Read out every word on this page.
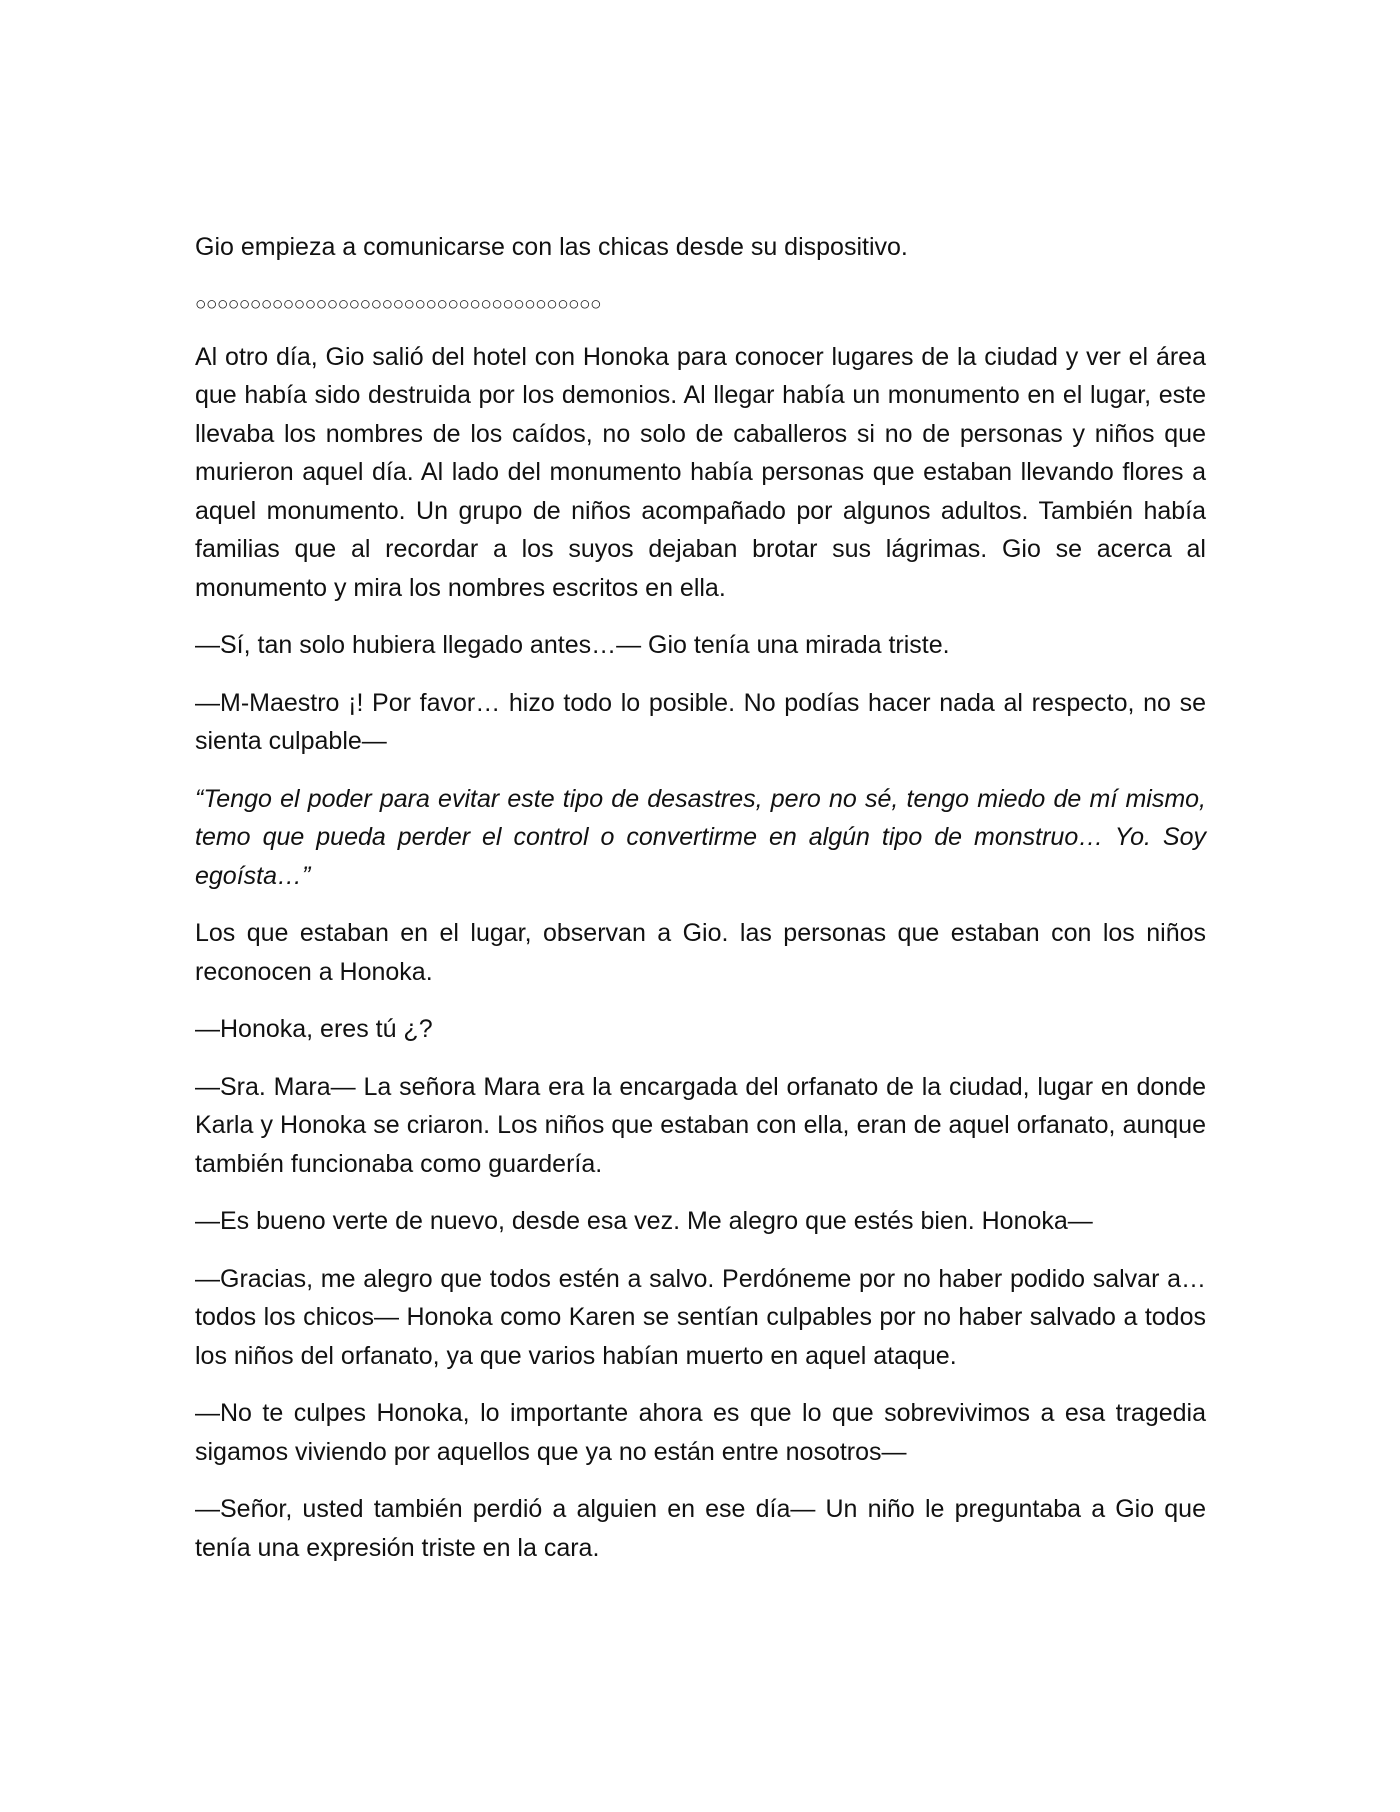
Gio empieza a comunicarse con las chicas desde su dispositivo.

○○○○○○○○○○○○○○○○○○○○○○○○○○○○○○○○○○○○○

Al otro día, Gio salió del hotel con Honoka para conocer lugares de la ciudad y ver el área que había sido destruida por los demonios. Al llegar había un monumento en el lugar, este llevaba los nombres de los caídos, no solo de caballeros si no de personas y niños que murieron aquel día. Al lado del monumento había personas que estaban llevando flores a aquel monumento. Un grupo de niños acompañado por algunos adultos. También había familias que al recordar a los suyos dejaban brotar sus lágrimas. Gio se acerca al monumento y mira los nombres escritos en ella.

—Sí, tan solo hubiera llegado antes…— Gio tenía una mirada triste.

—M-Maestro ¡! Por favor… hizo todo lo posible. No podías hacer nada al respecto, no se sienta culpable—

“Tengo el poder para evitar este tipo de desastres, pero no sé, tengo miedo de mí mismo, temo que pueda perder el control o convertirme en algún tipo de monstruo… Yo. Soy egoísta…”

Los que estaban en el lugar, observan a Gio. las personas que estaban con los niños reconocen a Honoka.

—Honoka, eres tú ¿?

—Sra. Mara— La señora Mara era la encargada del orfanato de la ciudad, lugar en donde Karla y Honoka se criaron. Los niños que estaban con ella, eran de aquel orfanato, aunque también funcionaba como guardería.

—Es bueno verte de nuevo, desde esa vez. Me alegro que estés bien. Honoka—

—Gracias, me alegro que todos estén a salvo. Perdóneme por no haber podido salvar a… todos los chicos— Honoka como Karen se sentían culpables por no haber salvado a todos los niños del orfanato, ya que varios habían muerto en aquel ataque.

—No te culpes Honoka, lo importante ahora es que lo que sobrevivimos a esa tragedia sigamos viviendo por aquellos que ya no están entre nosotros—

—Señor, usted también perdió a alguien en ese día— Un niño le preguntaba a Gio que tenía una expresión triste en la cara.
